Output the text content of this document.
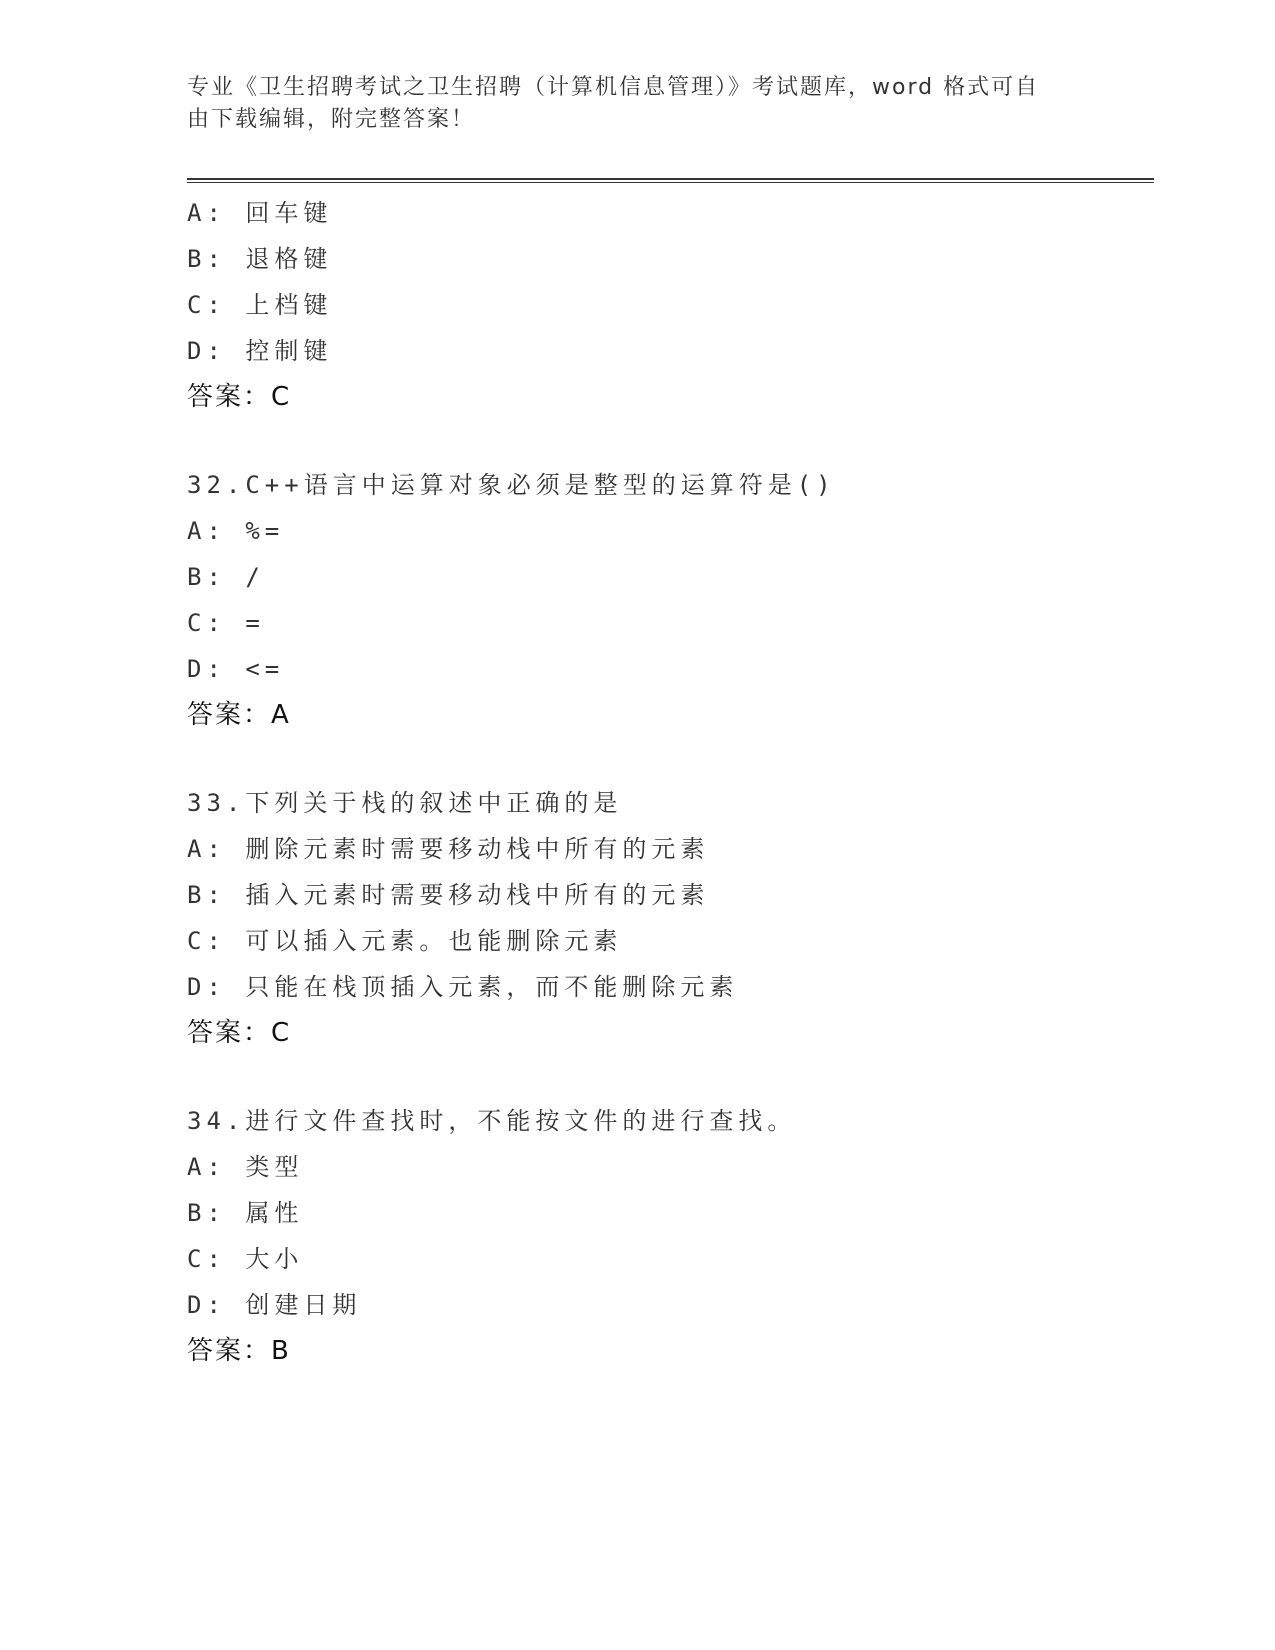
专业《卫生招聘考试之卫生招聘（计算机信息管理）》考试题库，word 格式可自
由下载编辑，附完整答案！
A: 回车键
B: 退格键
C: 上档键
D: 控制键
答案：C
32.C++语言中运算对象必须是整型的运算符是()
A: %=
B: /
C: =
D: <=
答案：A
33.下列关于栈的叙述中正确的是
A: 删除元素时需要移动栈中所有的元素
B: 插入元素时需要移动栈中所有的元素
C: 可以插入元素。也能删除元素
D: 只能在栈顶插入元素，而不能删除元素
答案：C
34.进行文件查找时，不能按文件的进行查找。
A: 类型
B: 属性
C: 大小
D: 创建日期
答案：B
